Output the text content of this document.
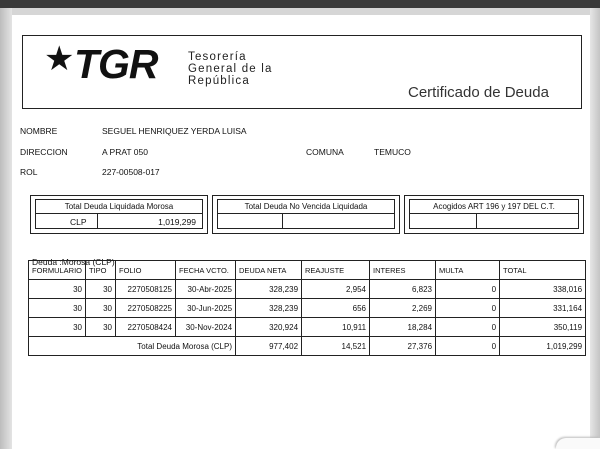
★ TGR	Tesorería
General de la
República
Certificado de Deuda
NOMBRE	SEGUEL HENRIQUEZ YERDA LUISA
DIRECCION	A PRAT 050	COMUNA	TEMUCO
ROL	227-00508-017
Total Deuda Liquidada Morosa
CLP	1,019,299
Total Deuda No Vencida Liquidada	Acogidos ART 196 y 197 DEL C.T.
Deuda :Morosa (CLP)
FORMULARIO	TIPO	FOLIO	FECHA VCTO.	DEUDA NETA	REAJUSTE	INTERES	MULTA	TOTAL
30	30	2270508125	30-Abr-2025	328,239	2,954	6,823	0	338,016
30	30	2270508225	30-Jun-2025	328,239	656	2,269	0	331,164
30	30	2270508424	30-Nov-2024	320,924	10,911	18,284	0	350,119
Total Deuda Morosa (CLP)				977,402	14,521	27,376	0	1,019,299
